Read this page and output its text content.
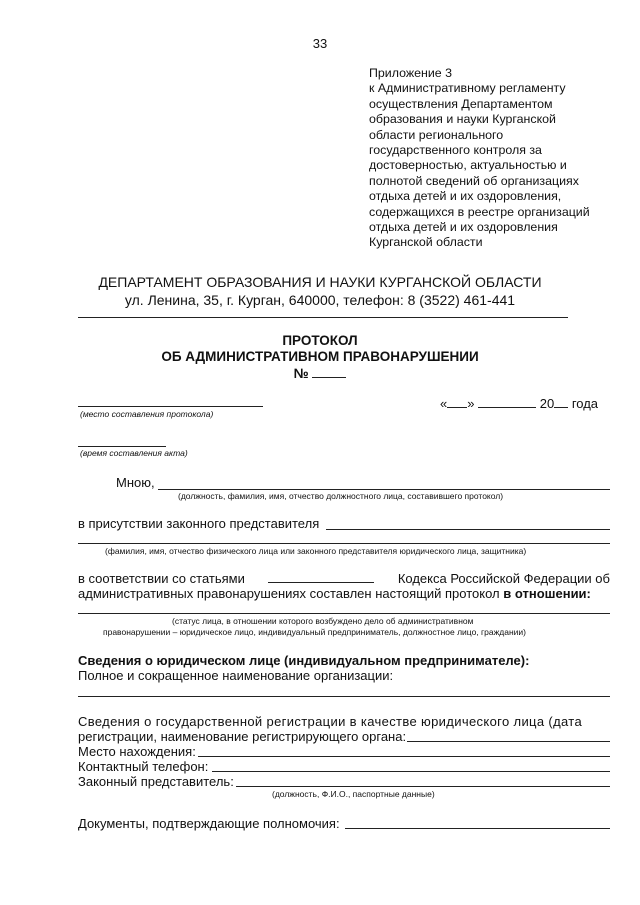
33
Приложение 3
к Административному регламенту
осуществления Департаментом
образования и науки Курганской
области регионального
государственного контроля за
достоверностью, актуальностью и
полнотой сведений об организациях
отдыха детей и их оздоровления,
содержащихся в реестре организаций
отдыха детей и их оздоровления
Курганской области
ДЕПАРТАМЕНТ ОБРАЗОВАНИЯ И НАУКИ КУРГАНСКОЙ ОБЛАСТИ
ул. Ленина, 35, г. Курган, 640000, телефон: 8 (3522) 461-441
ПРОТОКОЛ
ОБ АДМИНИСТРАТИВНОМ ПРАВОНАРУШЕНИИ
№
(место составления протокола)
« »	20 года
(время составления акта)
Мною,
(должность, фамилия, имя, отчество должностного лица, составившего протокол)
в присутствии законного представителя
(фамилия, имя, отчество физического лица или законного представителя юридического лица, защитника)
в соответствии со статьями	Кодекса Российской Федерации об
административных правонарушениях составлен настоящий протокол в отношении:
(статус лица, в отношении которого возбуждено дело об административном
правонарушении – юридическое лицо, индивидуальный предприниматель, должностное лицо, граждании)
Сведения о юридическом лице (индивидуальном предпринимателе):
Полное и сокращенное наименование организации:
Сведения о государственной регистрации в качестве юридического лица (дата
регистрации, наименование регистрирующего органа:
Место нахождения:
Контактный телефон:
Законный представитель:
(должность, Ф.И.О., паспортные данные)
Документы, подтверждающие полномочия:
